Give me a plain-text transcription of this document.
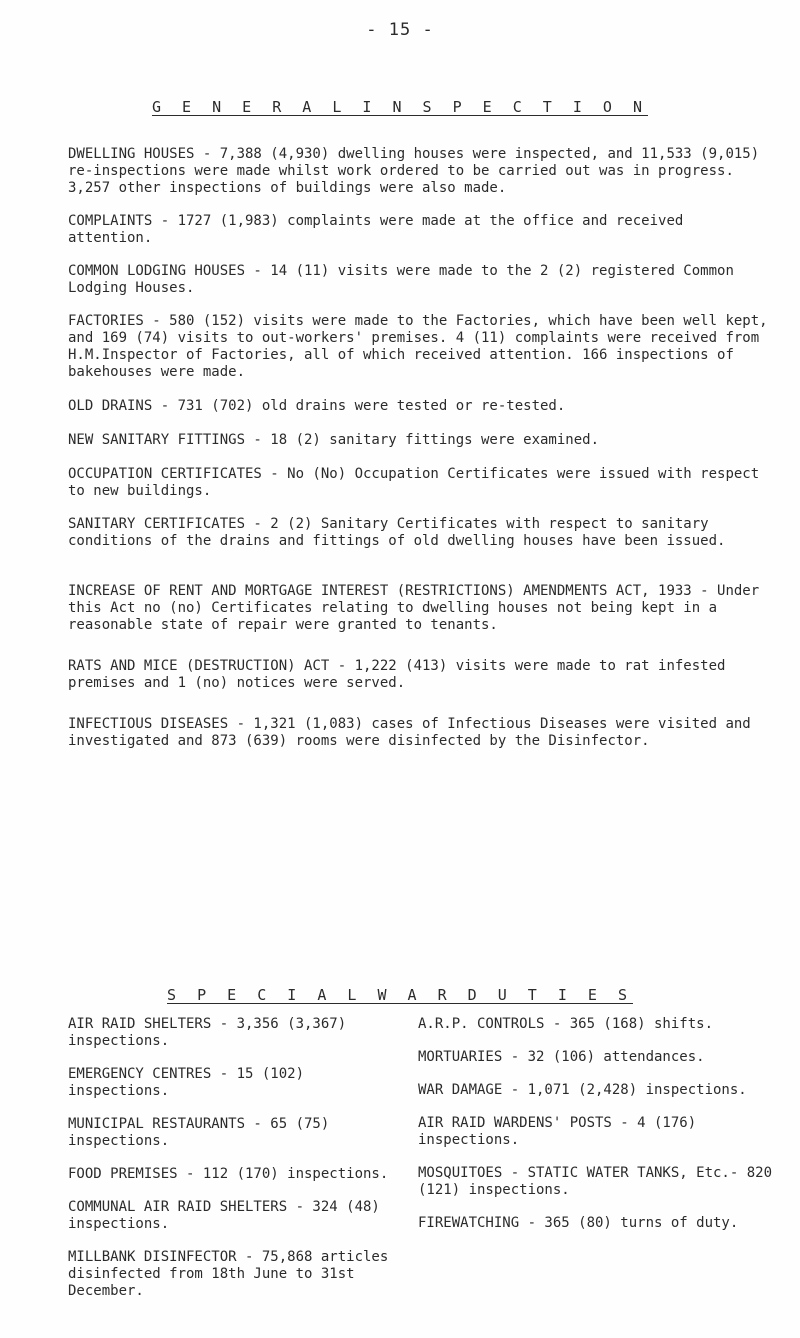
- 15 -
G E N E R A L I N S P E C T I O N
DWELLING HOUSES - 7,388 (4,930) dwelling houses were inspected, and 11,533 (9,015) re-inspections were made whilst work ordered to be carried out was in progress. 3,257 other inspections of buildings were also made.
COMPLAINTS - 1727 (1,983) complaints were made at the office and received attention.
COMMON LODGING HOUSES - 14 (11) visits were made to the 2 (2) registered Common Lodging Houses.
FACTORIES - 580 (152) visits were made to the Factories, which have been well kept, and 169 (74) visits to out-workers' premises. 4 (11) complaints were received from H.M.Inspector of Factories, all of which received attention. 166 inspections of bakehouses were made.
OLD DRAINS - 731 (702) old drains were tested or re-tested.
NEW SANITARY FITTINGS - 18 (2) sanitary fittings were examined.
OCCUPATION CERTIFICATES - No (No) Occupation Certificates were issued with respect to new buildings.
SANITARY CERTIFICATES - 2 (2) Sanitary Certificates with respect to sanitary conditions of the drains and fittings of old dwelling houses have been issued.
INCREASE OF RENT AND MORTGAGE INTEREST (RESTRICTIONS) AMENDMENTS ACT, 1933 - Under this Act no (no) Certificates relating to dwelling houses not being kept in a reasonable state of repair were granted to tenants.
RATS AND MICE (DESTRUCTION) ACT - 1,222 (413) visits were made to rat infested premises and 1 (no) notices were served.
INFECTIOUS DISEASES - 1,321 (1,083) cases of Infectious Diseases were visited and investigated and 873 (639) rooms were disinfected by the Disinfector.
S P E C I A L W A R D U T I E S
AIR RAID SHELTERS - 3,356 (3,367) inspections.
EMERGENCY CENTRES - 15 (102) inspections.
MUNICIPAL RESTAURANTS - 65 (75) inspections.
FOOD PREMISES - 112 (170) inspections.
COMMUNAL AIR RAID SHELTERS - 324 (48) inspections.
MILLBANK DISINFECTOR - 75,868 articles disinfected from 18th June to 31st December.
A.R.P. CONTROLS - 365 (168) shifts.
MORTUARIES - 32 (106) attendances.
WAR DAMAGE - 1,071 (2,428) inspections.
AIR RAID WARDENS' POSTS - 4 (176) inspections.
MOSQUITOES - STATIC WATER TANKS, Etc.- 820 (121) inspections.
FIREWATCHING - 365 (80) turns of duty.
